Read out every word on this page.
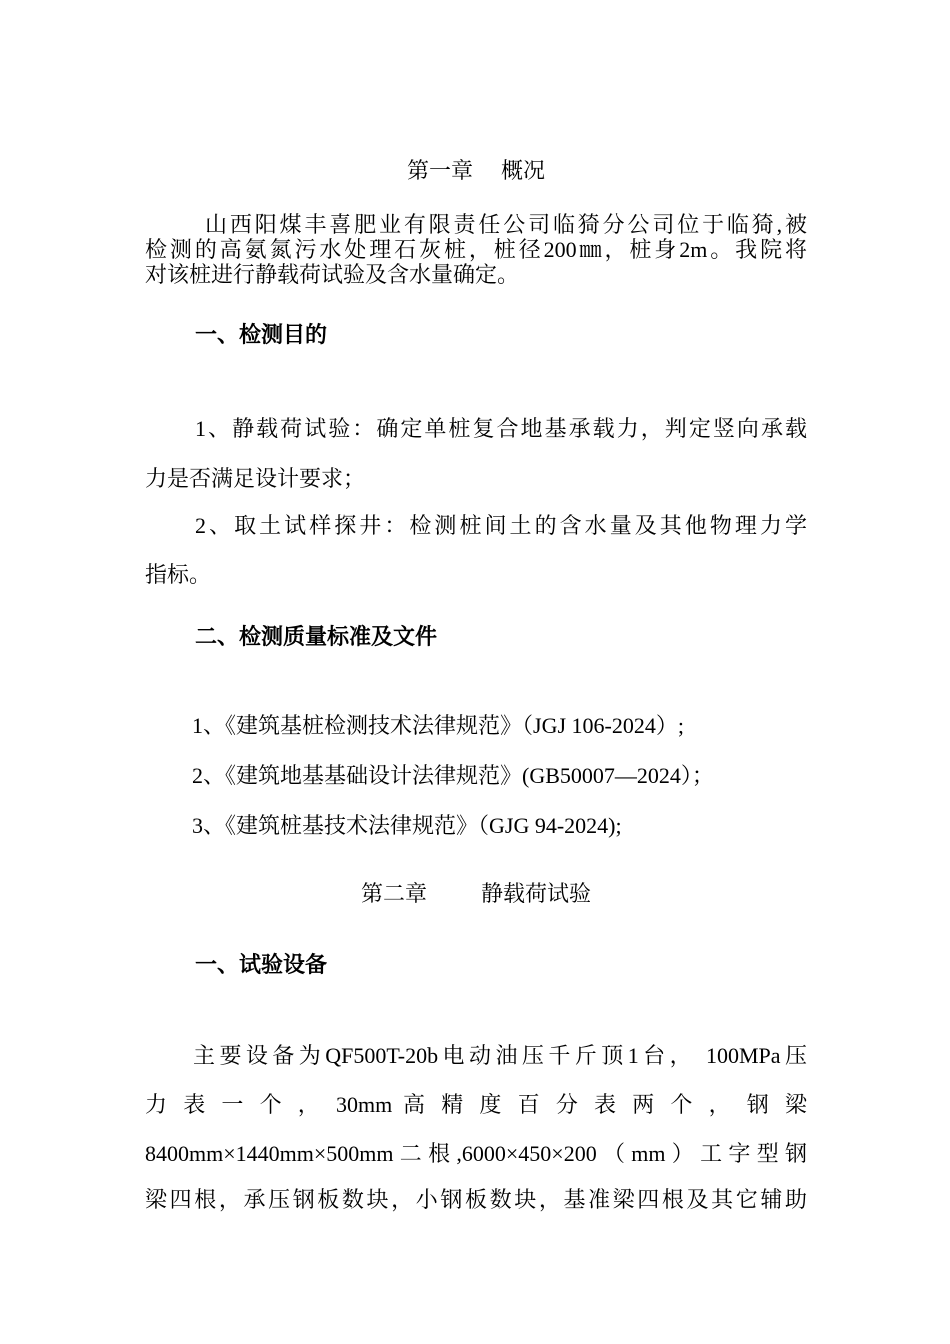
第一章 概况
山西阳煤丰喜肥业有限责任公司临猗分公司位于临猗,被
检测的高氨氮污水处理石灰桩，桩径200㎜，桩身2m。我院将
对该桩进行静载荷试验及含水量确定。
一、检测目的
1、静载荷试验：确定单桩复合地基承载力，判定竖向承载
力是否满足设计要求；
2、取土试样探井：检测桩间土的含水量及其他物理力学
指标。
二、检测质量标准及文件
1、《建筑基桩检测技术法律规范》（JGJ 106-2024）;
2、《建筑地基基础设计法律规范》(GB50007—2024）；
3、《建筑桩基技术法律规范》（GJG 94-2024);
第二章 静载荷试验
一、试验设备
主要设备为QF500T-20b电动油压千斤顶1台， 100MPa压
力 表 一 个 ， 30mm 高 精 度 百 分 表 两 个 ， 钢 梁
8400mm×1440mm×500mm二根,6000×450×200（mm）工字型钢
梁四根，承压钢板数块，小钢板数块，基准梁四根及其它辅助
